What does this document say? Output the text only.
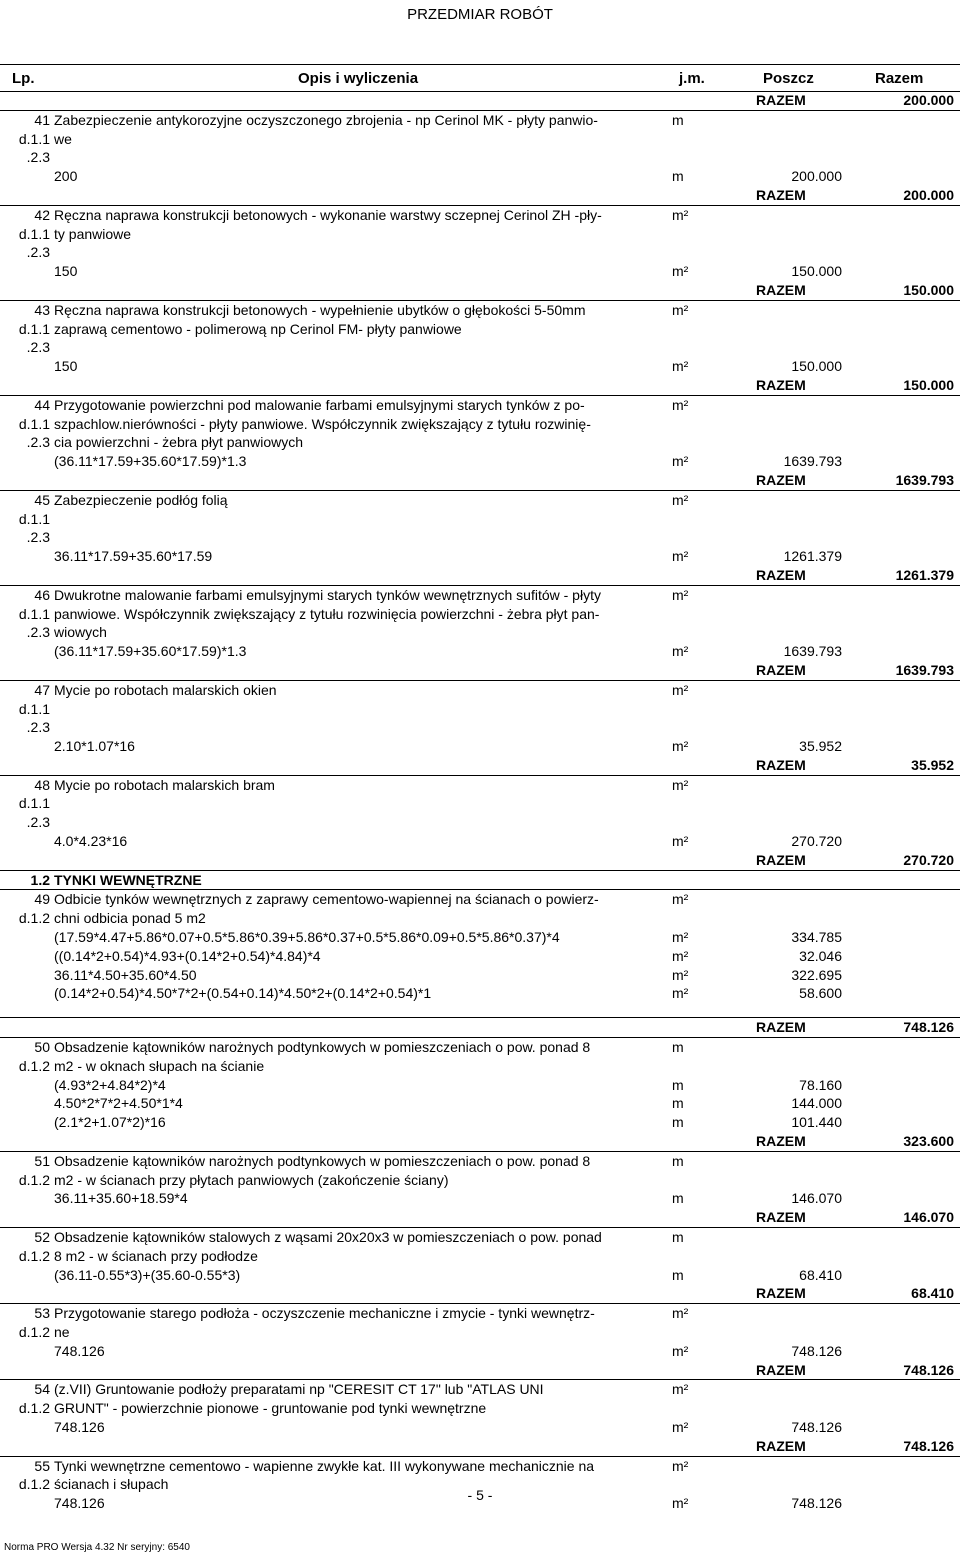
PRZEDMIAR ROBÓT
Lp.	Opis i wyliczenia	j.m.	Poszcz	Razem
RAZEM	200.000
41 Zabezpieczenie antykorozyjne oczyszczonego zbrojenia - np Cerinol MK - płyty panwio-	m
d.1.1 we
.2.3
200	m	200.000
RAZEM	200.000
42 Ręczna naprawa konstrukcji betonowych - wykonanie warstwy sczepnej Cerinol ZH -pły-	m²
d.1.1 ty panwiowe
.2.3
150	m²	150.000
RAZEM	150.000
43 Ręczna naprawa konstrukcji betonowych - wypełnienie ubytków o głębokości 5-50mm	m²
d.1.1 zaprawą cementowo - polimerową np Cerinol FM- płyty panwiowe
.2.3
150	m²	150.000
RAZEM	150.000
44 Przygotowanie powierzchni pod malowanie farbami emulsyjnymi starych tynków z po-	m²
d.1.1 szpachlow.nierówności - płyty panwiowe. Współczynnik zwiększający z tytułu rozwinię-
.2.3 cia powierzchni - żebra płyt panwiowych
(36.11*17.59+35.60*17.59)*1.3	m²	1639.793
RAZEM	1639.793
45 Zabezpieczenie podłóg folią	m²
d.1.1
.2.3
36.11*17.59+35.60*17.59	m²	1261.379
RAZEM	1261.379
46 Dwukrotne malowanie farbami emulsyjnymi starych tynków wewnętrznych sufitów - płyty	m²
d.1.1 panwiowe. Współczynnik zwiększający z tytułu rozwinięcia powierzchni - żebra płyt pan-
.2.3 wiowych
(36.11*17.59+35.60*17.59)*1.3	m²	1639.793
RAZEM	1639.793
47 Mycie po robotach malarskich okien	m²
d.1.1
.2.3
2.10*1.07*16	m²	35.952
RAZEM	35.952
48 Mycie po robotach malarskich bram	m²
d.1.1
.2.3
4.0*4.23*16	m²	270.720
RAZEM	270.720
1.2 TYNKI WEWNĘTRZNE
49 Odbicie tynków wewnętrznych z zaprawy cementowo-wapiennej na ścianach o powierz-	m²
d.1.2 chni odbicia ponad 5 m2
(17.59*4.47+5.86*0.07+0.5*5.86*0.39+5.86*0.37+0.5*5.86*0.09+0.5*5.86*0.37)*4	m²	334.785
((0.14*2+0.54)*4.93+(0.14*2+0.54)*4.84)*4	m²	32.046
36.11*4.50+35.60*4.50	m²	322.695
(0.14*2+0.54)*4.50*7*2+(0.54+0.14)*4.50*2+(0.14*2+0.54)*1	m²	58.600
RAZEM	748.126
50 Obsadzenie kątowników narożnych podtynkowych w pomieszczeniach o pow. ponad 8	m
d.1.2 m2 - w oknach słupach na ścianie
(4.93*2+4.84*2)*4	m	78.160
4.50*2*7*2+4.50*1*4	m	144.000
(2.1*2+1.07*2)*16	m	101.440
RAZEM	323.600
51 Obsadzenie kątowników narożnych podtynkowych w pomieszczeniach o pow. ponad 8	m
d.1.2 m2 - w ścianach przy płytach panwiowych (zakończenie ściany)
36.11+35.60+18.59*4	m	146.070
RAZEM	146.070
52 Obsadzenie kątowników stalowych z wąsami 20x20x3 w pomieszczeniach o pow. ponad	m
d.1.2 8 m2 - w ścianach przy podłodze
(36.11-0.55*3)+(35.60-0.55*3)	m	68.410
RAZEM	68.410
53 Przygotowanie starego podłoża - oczyszczenie mechaniczne i zmycie - tynki wewnętrz-	m²
d.1.2 ne
748.126	m²	748.126
RAZEM	748.126
54 (z.VII) Gruntowanie podłoży preparatami np "CERESIT CT 17" lub "ATLAS UNI	m²
d.1.2 GRUNT" - powierzchnie pionowe - gruntowanie pod tynki wewnętrzne
748.126	m²	748.126
RAZEM	748.126
55 Tynki wewnętrzne cementowo - wapienne zwykłe kat. III wykonywane mechanicznie na	m²
d.1.2 ścianach i słupach
748.126	m²	748.126
- 5 -
Norma PRO Wersja 4.32 Nr seryjny: 6540
